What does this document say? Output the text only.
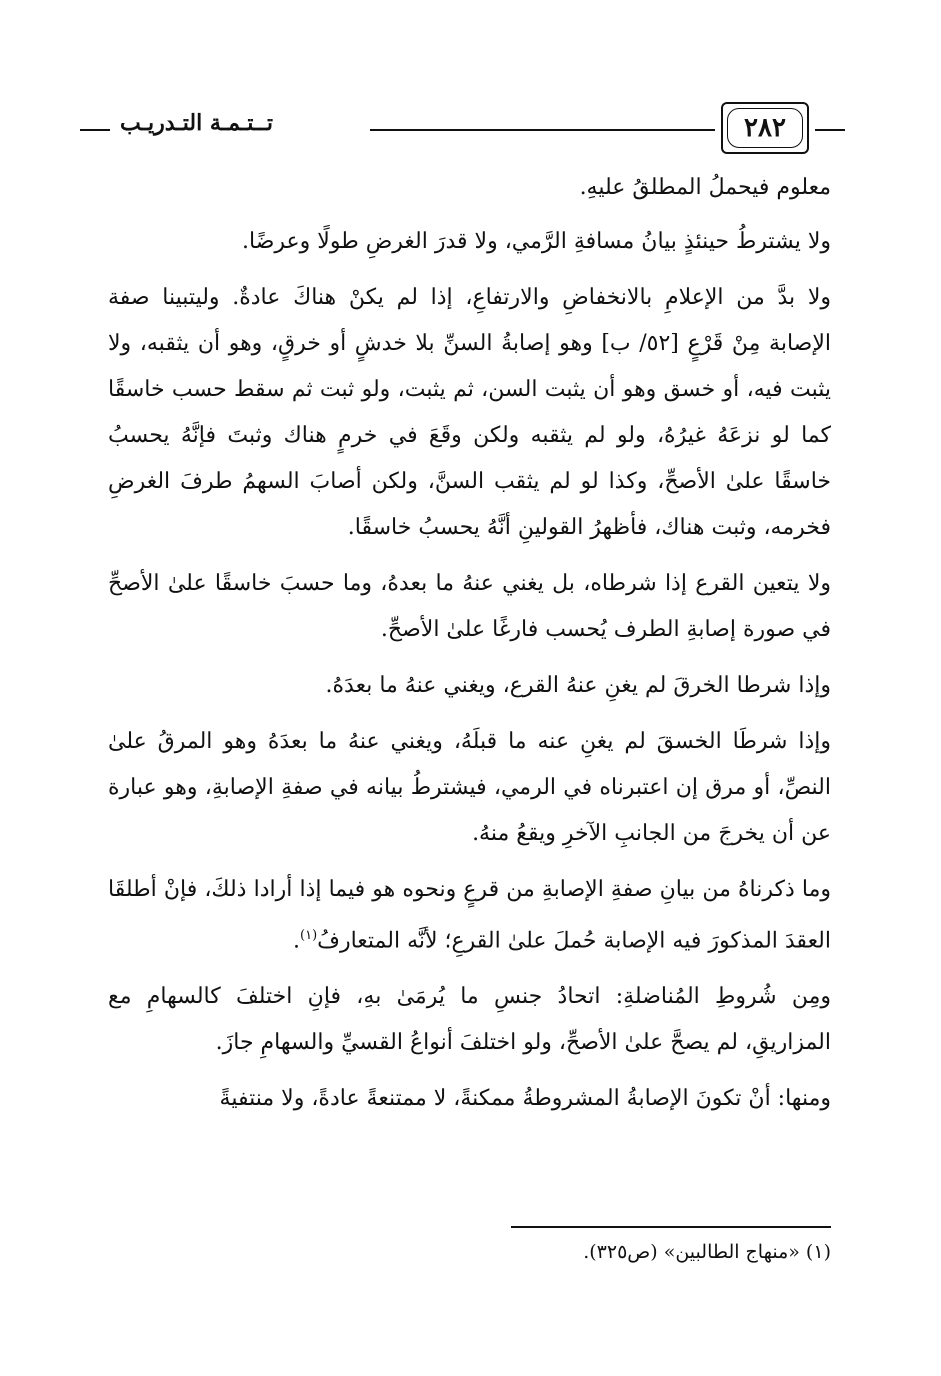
٢٨٢
تــتـمـة التـدريـب

معلوم فيحملُ المطلقُ عليهِ.

ولا يشترطُ حينئذٍ بيانُ مسافةِ الرَّمي، ولا قدرَ الغرضِ طولًا وعرضًا.

ولا بدَّ من الإعلامِ بالانخفاضِ والارتفاعِ، إذا لم يكنْ هناكَ عادةٌ. وليتبينا صفة الإصابة مِنْ قَرْعٍ [٥٢/ ب] وهو إصابةُ السنِّ بلا خدشٍ أو خرقٍ، وهو أن يثقبه، ولا يثبت فيه، أو خسق وهو أن يثبت السن، ثم يثبت، ولو ثبت ثم سقط حسب خاسقًا كما لو نزعَهُ غيرُهُ، ولو لم يثقبه ولكن وقَعَ في خرمٍ هناك وثبتَ فإنَّهُ يحسبُ خاسقًا علىٰ الأصحِّ، وكذا لو لم يثقب السنَّ، ولكن أصابَ السهمُ طرفَ الغرضِ فخرمه، وثبت هناك، فأظهرُ القولينِ أنَّهُ يحسبُ خاسقًا.

ولا يتعين القرع إذا شرطاه، بل يغني عنهُ ما بعدهُ، وما حسبَ خاسقًا علىٰ الأصحِّ في صورة إصابةِ الطرف يُحسب فارغًا علىٰ الأصحِّ.

وإذا شرطا الخرقَ لم يغنِ عنهُ القرع، ويغني عنهُ ما بعدَهُ.

وإذا شرطَا الخسقَ لم يغنِ عنه ما قبلَهُ، ويغني عنهُ ما بعدَهُ وهو المرقُ علىٰ النصِّ، أو مرق إن اعتبرناه في الرمي، فيشترطُ بيانه في صفةِ الإصابةِ، وهو عبارة عن أن يخرجَ من الجانبِ الآخرِ ويقعُ منهُ.

وما ذكرناهُ من بيانِ صفةِ الإصابةِ من قرعٍ ونحوه هو فيما إذا أرادا ذلكَ، فإنْ أطلقَا العقدَ المذكورَ فيه الإصابة حُملَ علىٰ القرعِ؛ لأنَّه المتعارفُ$^{(١)}$.

ومِن شُروطِ المُناضلةِ: اتحادُ جنسِ ما يُرمَىٰ بهِ، فإنِ اختلفَ كالسهامِ مع المزاريقِ، لم يصحَّ علىٰ الأصحِّ، ولو اختلفَ أنواعُ القسيِّ والسهامِ جازَ.

ومنها: أنْ تكونَ الإصابةُ المشروطةُ ممكنةً، لا ممتنعةً عادةً، ولا منتفيةً

(١) «منهاج الطالبين» (ص٣٢٥).
